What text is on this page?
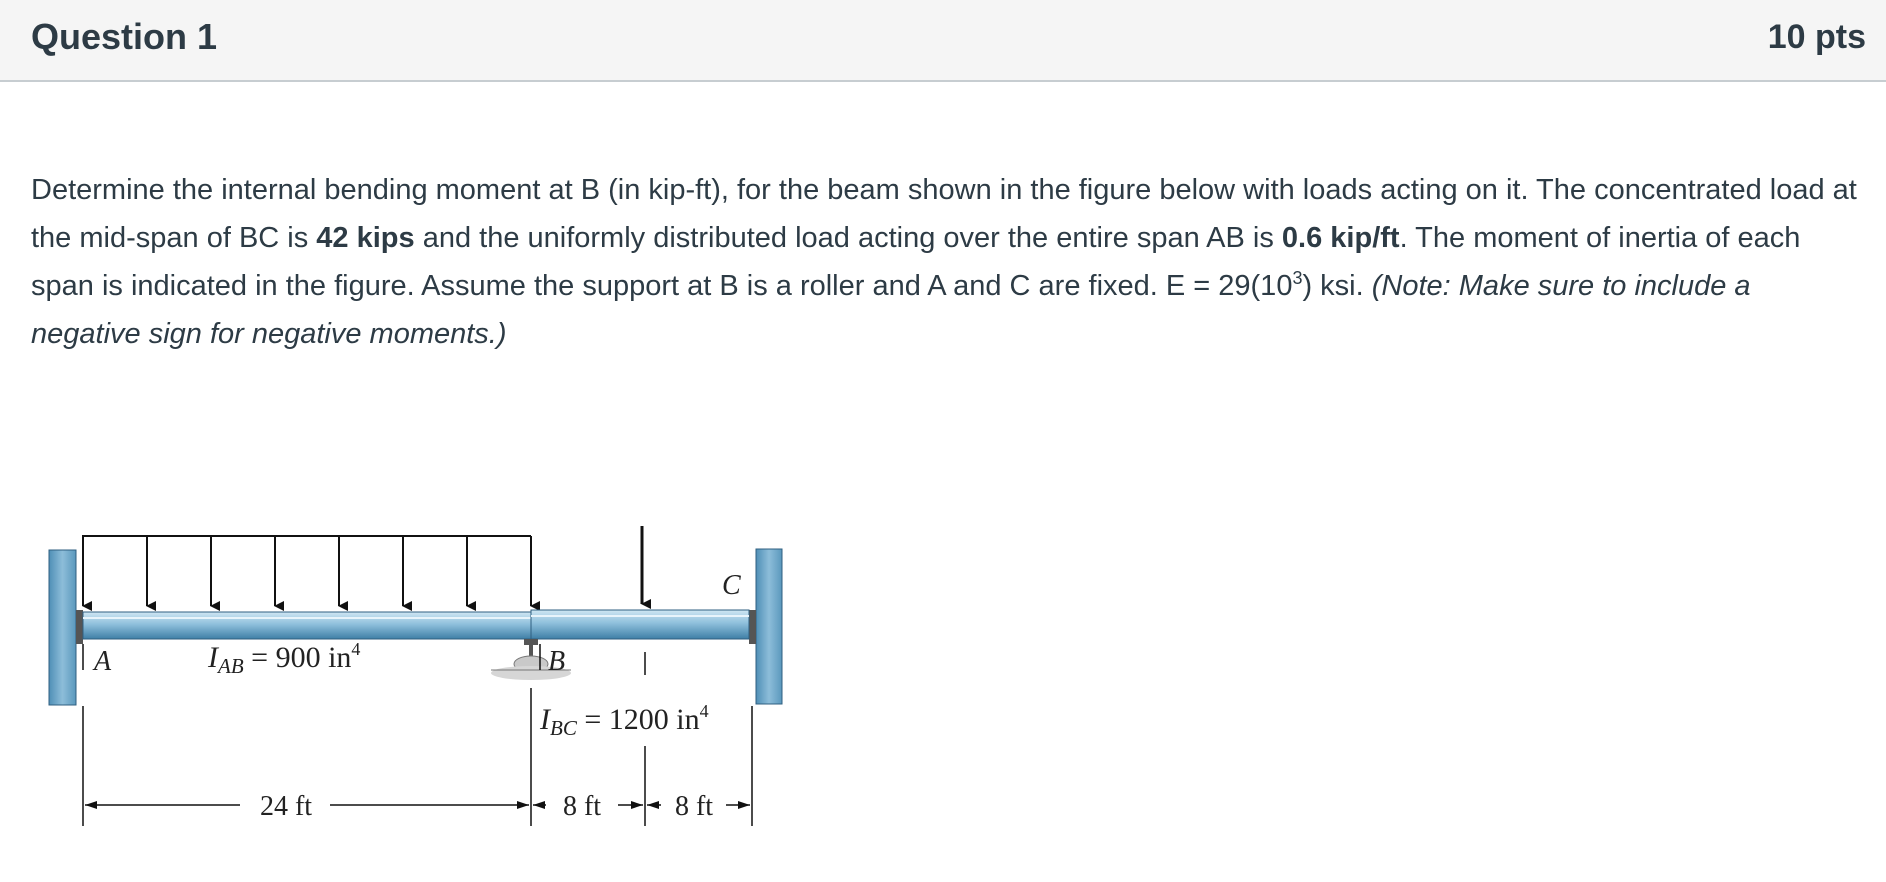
Question 1	10 pts
Determine the internal bending moment at B (in kip-ft), for the beam shown in the figure below with loads acting on it. The concentrated load at the mid-span of BC is 42 kips and the uniformly distributed load acting over the entire span AB is 0.6 kip/ft. The moment of inertia of each span is indicated in the figure. Assume the support at B is a roller and A and C are fixed. $E = 29(10^3)$ ksi. (Note: Make sure to include a negative sign for negative moments.)
A	B
C
$I_{AB} = 900$ $in^4$
$I_{BC} = 1200$ $in^4$
24 ft	8 ft	8 ft
